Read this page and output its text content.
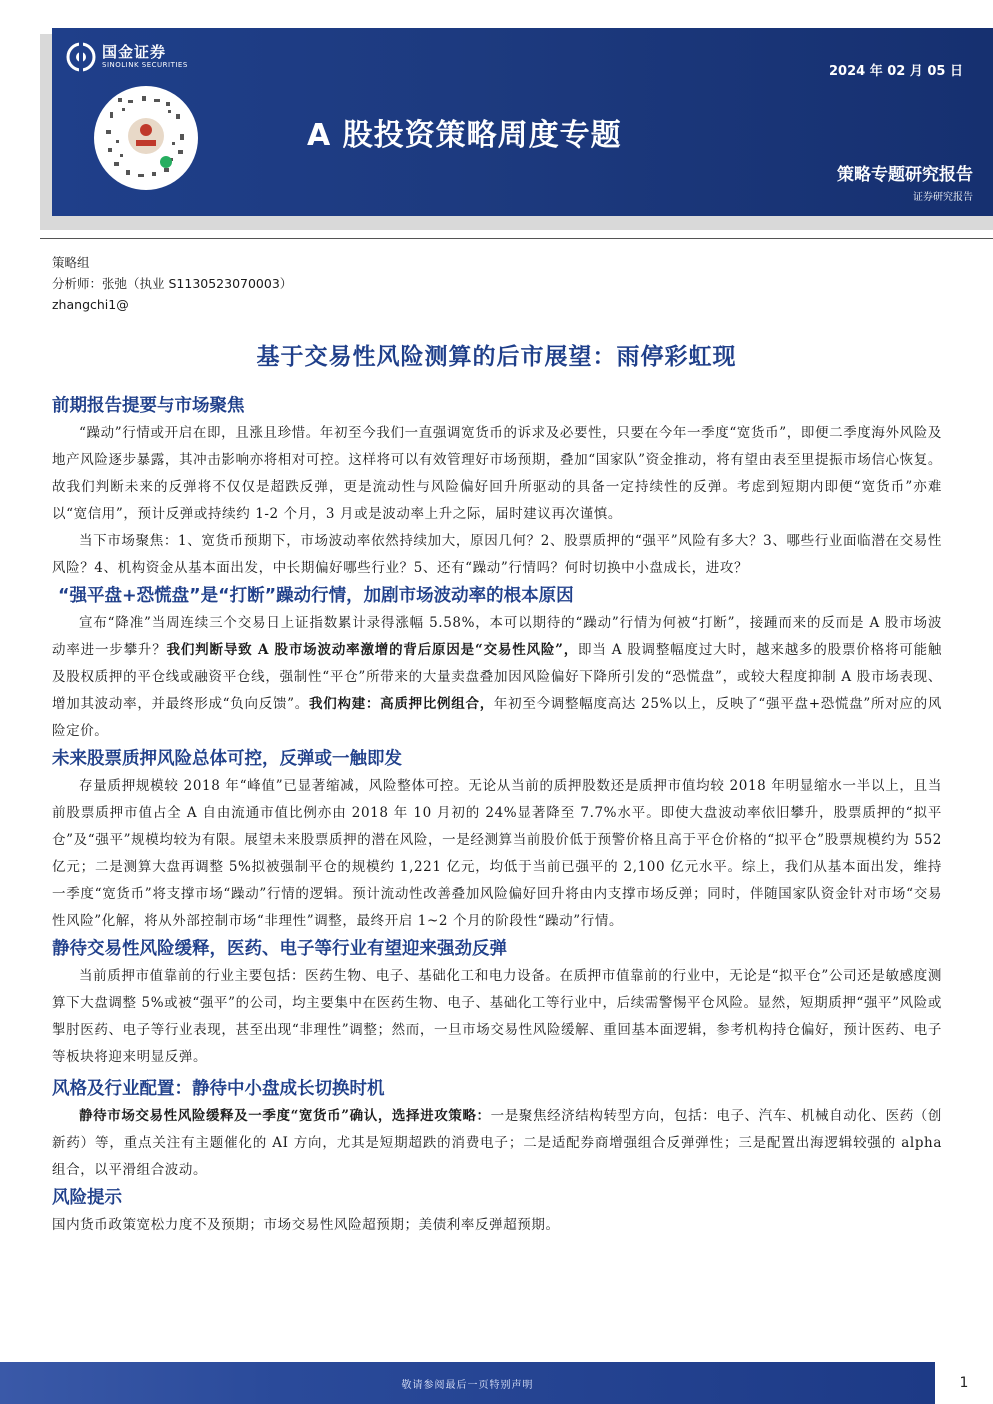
国金证券
SINOLINK SECURITIES	2024 年 02 月 05 日
A 股投资策略周度专题
策略专题研究报告
证券研究报告
策略组
分析师：张弛（执业 S1130523070003）
zhangchi1@
基于交易性风险测算的后市展望：雨停彩虹现
前期报告提要与市场聚焦

“躁动”行情或开启在即，且涨且珍惜。年初至今我们一直强调宽货币的诉求及必要性，只要在今年一季度“宽货币”，即便二季度海外风险及地产风险逐步暴露，其冲击影响亦将相对可控。这样将可以有效管理好市场预期，叠加“国家队”资金推动，将有望由表至里提振市场信心恢复。故我们判断未来的反弹将不仅仅是超跌反弹，更是流动性与风险偏好回升所驱动的具备一定持续性的反弹。考虑到短期内即便“宽货币”亦难以“宽信用”，预计反弹或持续约 1-2 个月，3 月或是波动率上升之际，届时建议再次谨慎。

当下市场聚焦：1、宽货币预期下，市场波动率依然持续加大，原因几何？2、股票质押的“强平”风险有多大？3、哪些行业面临潜在交易性风险？4、机构资金从基本面出发，中长期偏好哪些行业？5、还有“躁动”行情吗？何时切换中小盘成长，进攻？

“强平盘+恐慌盘”是“打断”躁动行情，加剧市场波动率的根本原因

宣布“降准”当周连续三个交易日上证指数累计录得涨幅 5.58%，本可以期待的“躁动”行情为何被“打断”，接踵而来的反而是 A 股市场波动率进一步攀升？我们判断导致 A 股市场波动率激增的背后原因是“交易性风险”，即当 A 股调整幅度过大时，越来越多的股票价格将可能触及股权质押的平仓线或融资平仓线，强制性“平仓”所带来的大量卖盘叠加因风险偏好下降所引发的“恐慌盘”，或较大程度抑制 A 股市场表现、增加其波动率，并最终形成“负向反馈”。我们构建：高质押比例组合，年初至今调整幅度高达 25%以上，反映了“强平盘+恐慌盘”所对应的风险定价。

未来股票质押风险总体可控，反弹或一触即发

存量质押规模较 2018 年“峰值”已显著缩减，风险整体可控。无论从当前的质押股数还是质押市值均较 2018 年明显缩水一半以上，且当前股票质押市值占全 A 自由流通市值比例亦由 2018 年 10 月初的 24%显著降至 7.7%水平。即使大盘波动率依旧攀升，股票质押的“拟平仓”及“强平”规模均较为有限。展望未来股票质押的潜在风险，一是经测算当前股价低于预警价格且高于平仓价格的“拟平仓”股票规模约为 552 亿元；二是测算大盘再调整 5%拟被强制平仓的规模约 1,221 亿元，均低于当前已强平的 2,100 亿元水平。综上，我们从基本面出发，维持一季度“宽货币”将支撑市场“躁动”行情的逻辑。预计流动性改善叠加风险偏好回升将由内支撑市场反弹；同时，伴随国家队资金针对市场“交易性风险”化解，将从外部控制市场“非理性”调整，最终开启 1~2 个月的阶段性“躁动”行情。

静待交易性风险缓释，医药、电子等行业有望迎来强劲反弹

当前质押市值靠前的行业主要包括：医药生物、电子、基础化工和电力设备。在质押市值靠前的行业中，无论是“拟平仓”公司还是敏感度测算下大盘调整 5%或被“强平”的公司，均主要集中在医药生物、电子、基础化工等行业中，后续需警惕平仓风险。显然，短期质押“强平”风险或掣肘医药、电子等行业表现，甚至出现“非理性”调整；然而，一旦市场交易性风险缓解、重回基本面逻辑，参考机构持仓偏好，预计医药、电子等板块将迎来明显反弹。

风格及行业配置：静待中小盘成长切换时机

静待市场交易性风险缓释及一季度“宽货币”确认，选择进攻策略：一是聚焦经济结构转型方向，包括：电子、汽车、机械自动化、医药（创新药）等，重点关注有主题催化的 AI 方向，尤其是短期超跌的消费电子；二是适配券商增强组合反弹弹性；三是配置出海逻辑较强的 alpha 组合，以平滑组合波动。

风险提示

国内货币政策宽松力度不及预期；市场交易性风险超预期；美债利率反弹超预期。

敬请参阅最后一页特别声明	1
